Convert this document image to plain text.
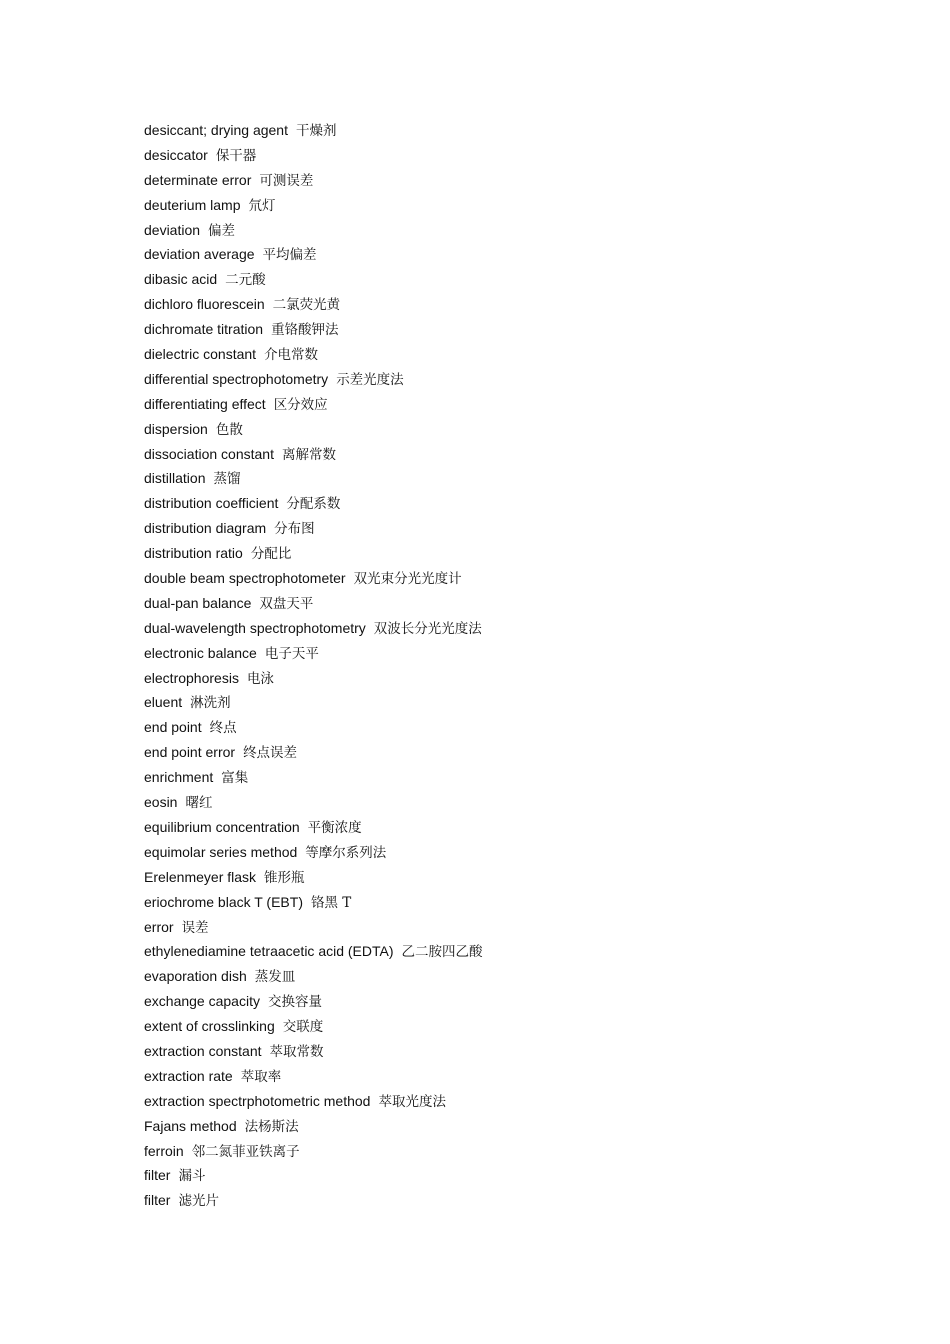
desiccant; drying agent 干燥剂
desiccator 保干器
determinate error 可测误差
deuterium lamp 氘灯
deviation 偏差
deviation average 平均偏差
dibasic acid 二元酸
dichloro fluorescein 二氯荧光黄
dichromate titration 重铬酸钾法
dielectric constant 介电常数
differential spectrophotometry 示差光度法
differentiating effect 区分效应
dispersion 色散
dissociation constant 离解常数
distillation 蒸馏
distribution coefficient 分配系数
distribution diagram 分布图
distribution ratio 分配比
double beam spectrophotometer 双光束分光光度计
dual-pan balance 双盘天平
dual-wavelength spectrophotometry 双波长分光光度法
electronic balance 电子天平
electrophoresis 电泳
eluent 淋洗剂
end point 终点
end point error 终点误差
enrichment 富集
eosin 曙红
equilibrium concentration 平衡浓度
equimolar series method 等摩尔系列法
Erelenmeyer flask 锥形瓶
eriochrome black T (EBT) 铬黑 T
error 误差
ethylenediamine tetraacetic acid (EDTA) 乙二胺四乙酸
evaporation dish 蒸发皿
exchange capacity 交换容量
extent of crosslinking 交联度
extraction constant 萃取常数
extraction rate 萃取率
extraction spectrphotometric method 萃取光度法
Fajans method 法杨斯法
ferroin 邻二氮菲亚铁离子
filter 漏斗
filter 滤光片
